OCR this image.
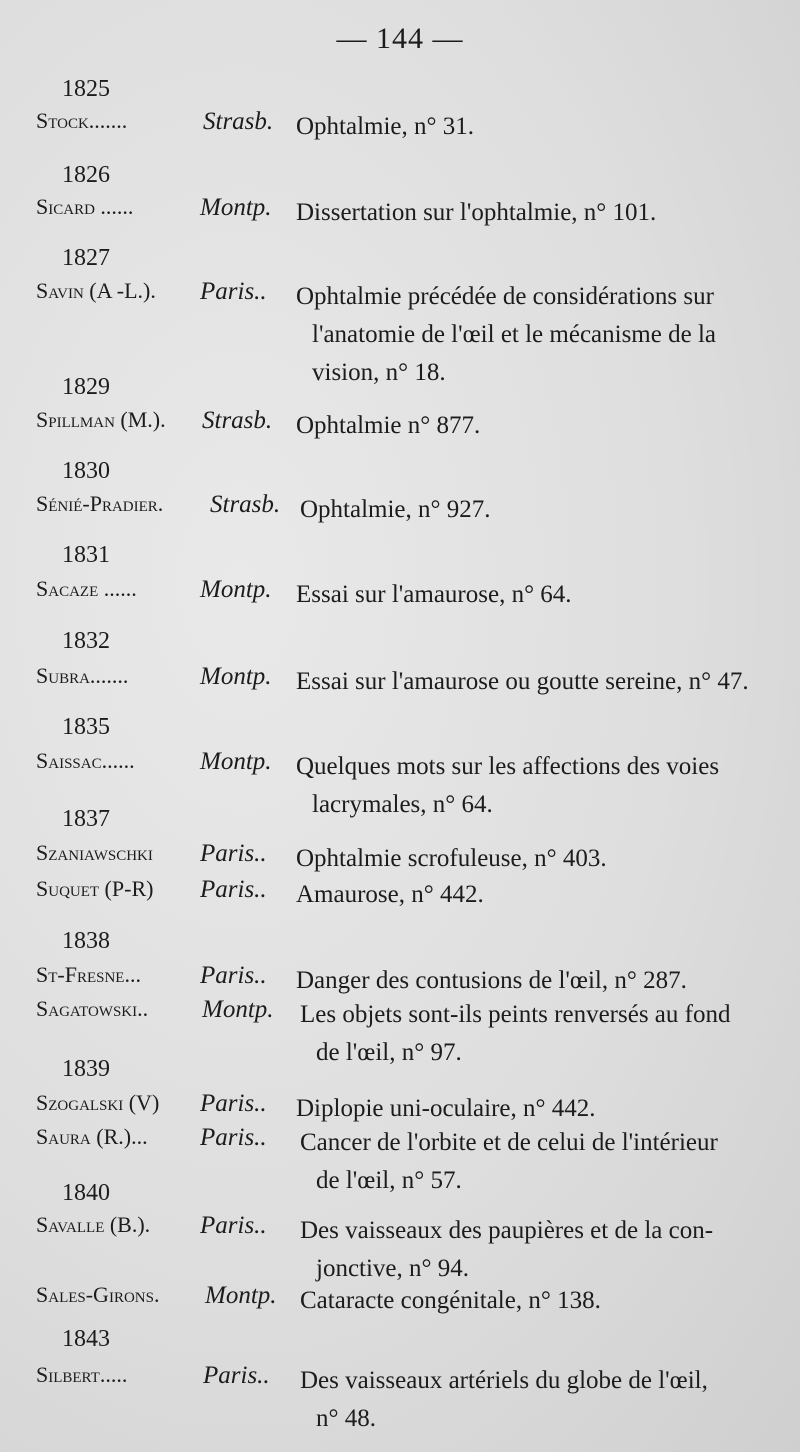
— 144 —
1825
Stock.......	Strasb. Ophtalmie, n° 31.
1826
Sicard ......	Montp. Dissertation sur l'ophtalmie, n° 101.
1827
Savin (A -L.). Paris.. Ophtalmie précédée de considérations sur
l'anatomie de l'œil et le mécanisme de la
vision, n° 18.
1829
Spillman (M.). Strasb. Ophtalmie n° 877.
1830
Sénié-Pradier. Strasb. Ophtalmie, n° 927.
1831
Sacaze ......	Montp. Essai sur l'amaurose, n° 64.
1832
Subra.......	Montp. Essai sur l'amaurose ou goutte sereine, n° 47.
1835
Saissac......	Montp. Quelques mots sur les affections des voies
lacrymales, n° 64.
1837
Szaniawschki Paris.. Ophtalmie scrofuleuse, n° 403.
Suquet (P-R) Paris.. Amaurose, n° 442.
1838
St-Fresne... Paris.. Danger des contusions de l'œil, n° 287.
Sagatowski.. Montp. Les objets sont-ils peints renversés au fond
de l'œil, n° 97.
1839
Szogalski (V) Paris.. Diplopie uni-oculaire, n° 442.
Saura (R.)... Paris.. Cancer de l'orbite et de celui de l'intérieur
de l'œil, n° 57.
1840
Savalle (B.). Paris.. Des vaisseaux des paupières et de la con-
jonctive, n° 94.
Sales-Girons. Montp. Cataracte congénitale, n° 138.
1843
Silbert.....	Paris.. Des vaisseaux artériels du globe de l'œil,
n° 48.
